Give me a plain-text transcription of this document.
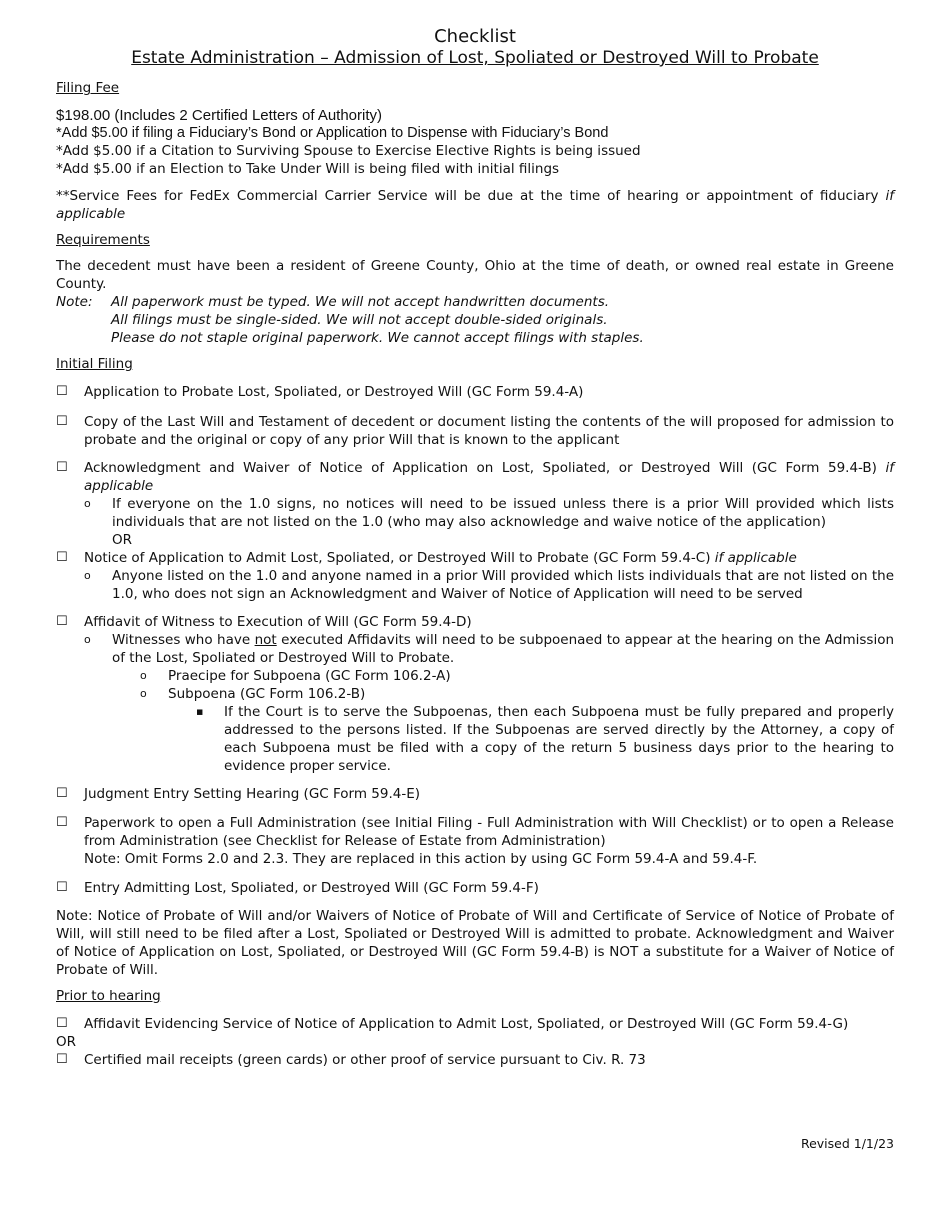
Checklist

Estate Administration – Admission of Lost, Spoliated or Destroyed Will to Probate

Filing Fee

$198.00 (Includes 2 Certified Letters of Authority)

*Add $5.00 if filing a Fiduciary’s Bond or Application to Dispense with Fiduciary’s Bond

*Add $5.00 if a Citation to Surviving Spouse to Exercise Elective Rights is being issued

*Add $5.00 if an Election to Take Under Will is being filed with initial filings

**Service Fees for FedEx Commercial Carrier Service will be due at the time of hearing or appointment of fiduciary if applicable

Requirements

The decedent must have been a resident of Greene County, Ohio at the time of death, or owned real estate in Greene County.

Note:	All paperwork must be typed. We will not accept handwritten documents.
All filings must be single-sided. We will not accept double-sided originals.
Please do not staple original paperwork. We cannot accept filings with staples.

Initial Filing

☐	Application to Probate Lost, Spoliated, or Destroyed Will (GC Form 59.4-A)
☐	Copy of the Last Will and Testament of decedent or document listing the contents of the will proposed for admission to probate and the original or copy of any prior Will that is known to the applicant
☐	Acknowledgment and Waiver of Notice of Application on Lost, Spoliated, or Destroyed Will (GC Form 59.4-B) if applicable
o	If everyone on the 1.0 signs, no notices will need to be issued unless there is a prior Will provided which lists individuals that are not listed on the 1.0 (who may also acknowledge and waive notice of the application)
OR
☐	Notice of Application to Admit Lost, Spoliated, or Destroyed Will to Probate (GC Form 59.4-C) if applicable
o	Anyone listed on the 1.0 and anyone named in a prior Will provided which lists individuals that are not listed on the 1.0, who does not sign an Acknowledgment and Waiver of Notice of Application will need to be served
☐	Affidavit of Witness to Execution of Will (GC Form 59.4-D)
o	Witnesses who have not executed Affidavits will need to be subpoenaed to appear at the hearing on the Admission of the Lost, Spoliated or Destroyed Will to Probate.
o	Praecipe for Subpoena (GC Form 106.2-A)
o	Subpoena (GC Form 106.2-B)
▪	If the Court is to serve the Subpoenas, then each Subpoena must be fully prepared and properly addressed to the persons listed. If the Subpoenas are served directly by the Attorney, a copy of each Subpoena must be filed with a copy of the return 5 business days prior to the hearing to evidence proper service.
☐	Judgment Entry Setting Hearing (GC Form 59.4-E)
☐	Paperwork to open a Full Administration (see Initial Filing - Full Administration with Will Checklist) or to open a Release from Administration (see Checklist for Release of Estate from Administration)
Note: Omit Forms 2.0 and 2.3. They are replaced in this action by using GC Form 59.4-A and 59.4-F.
☐	Entry Admitting Lost, Spoliated, or Destroyed Will (GC Form 59.4-F)

Note: Notice of Probate of Will and/or Waivers of Notice of Probate of Will and Certificate of Service of Notice of Probate of Will, will still need to be filed after a Lost, Spoliated or Destroyed Will is admitted to probate. Acknowledgment and Waiver of Notice of Application on Lost, Spoliated, or Destroyed Will (GC Form 59.4-B) is NOT a substitute for a Waiver of Notice of Probate of Will.

Prior to hearing

☐	Affidavit Evidencing Service of Notice of Application to Admit Lost, Spoliated, or Destroyed Will (GC Form 59.4-G)

OR

☐	Certified mail receipts (green cards) or other proof of service pursuant to Civ. R. 73
Revised 1/1/23
